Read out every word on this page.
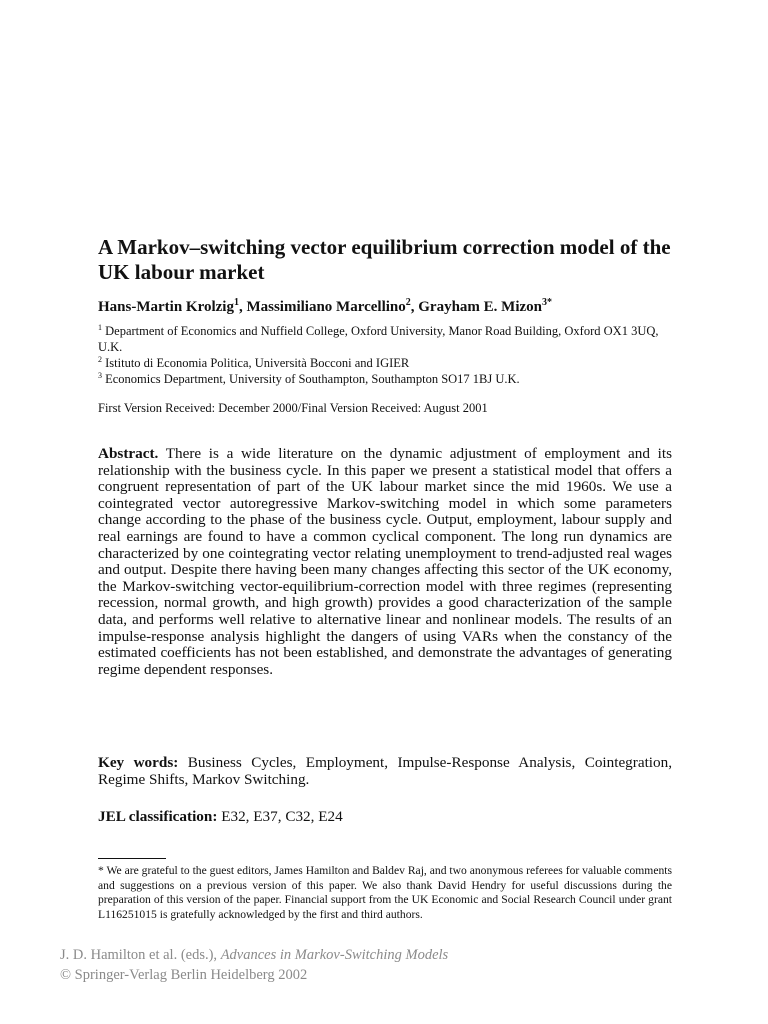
A Markov–switching vector equilibrium correction model of the UK labour market
Hans-Martin Krolzig$^1$, Massimiliano Marcellino$^2$, Grayham E. Mizon$^{3*}$
$^1$ Department of Economics and Nuffield College, Oxford University, Manor Road Building, Oxford OX1 3UQ, U.K.
$^2$ Istituto di Economia Politica, Università Bocconi and IGIER
$^3$ Economics Department, University of Southampton, Southampton SO17 1BJ U.K.
First Version Received: December 2000/Final Version Received: August 2001

Abstract. There is a wide literature on the dynamic adjustment of employment and its relationship with the business cycle. In this paper we present a statistical model that offers a congruent representation of part of the UK labour market since the mid 1960s. We use a cointegrated vector autoregressive Markov-switching model in which some parameters change according to the phase of the business cycle. Output, employment, labour supply and real earnings are found to have a common cyclical component. The long run dynamics are characterized by one cointegrating vector relating unemployment to trend-adjusted real wages and output. Despite there having been many changes affecting this sector of the UK economy, the Markov-switching vector-equilibrium-correction model with three regimes (representing recession, normal growth, and high growth) provides a good characterization of the sample data, and performs well relative to alternative linear and nonlinear models. The results of an impulse-response analysis highlight the dangers of using VARs when the constancy of the estimated coefficients has not been established, and demonstrate the advantages of generating regime dependent responses.

Key words: Business Cycles, Employment, Impulse-Response Analysis, Cointegration, Regime Shifts, Markov Switching.

JEL classification: E32, E37, C32, E24

* We are grateful to the guest editors, James Hamilton and Baldev Raj, and two anonymous referees for valuable comments and suggestions on a previous version of this paper. We also thank David Hendry for useful discussions during the preparation of this version of the paper. Financial support from the UK Economic and Social Research Council under grant L116251015 is gratefully acknowledged by the first and third authors.

J. D. Hamilton et al. (eds.), Advances in Markov-Switching Models
© Springer-Verlag Berlin Heidelberg 2002
